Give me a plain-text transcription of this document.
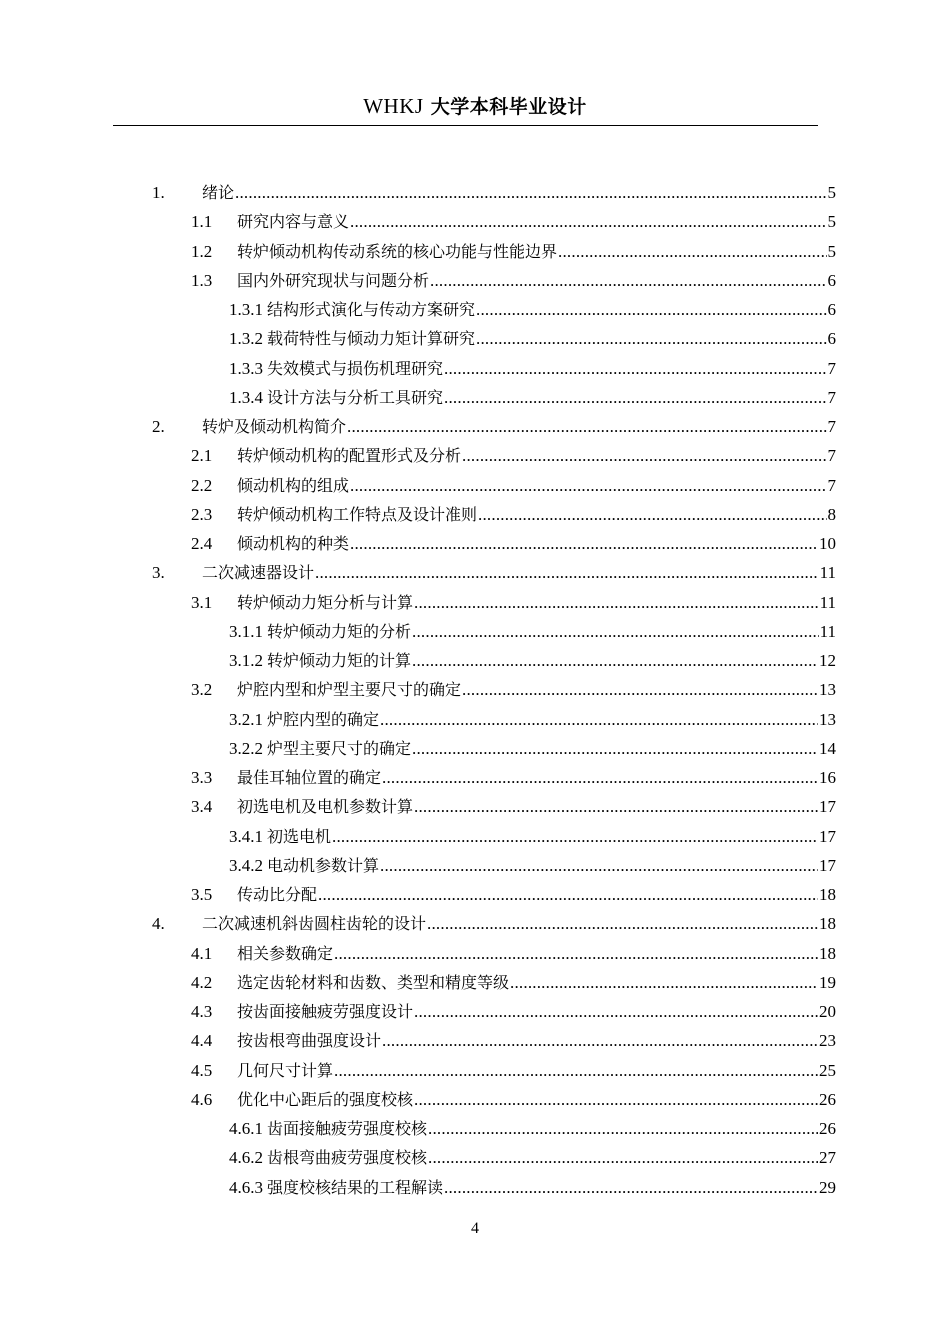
WHKJ 大学本科毕业设计
1.	绪论 .....	5
1.1	研究内容与意义 .....	5
1.2	转炉倾动机构传动系统的核心功能与性能边界 .....	5
1.3	国内外研究现状与问题分析 .....	6
1.3.1 结构形式演化与传动方案研究 .....	6
1.3.2 载荷特性与倾动力矩计算研究 .....	6
1.3.3 失效模式与损伤机理研究 .....	7
1.3.4 设计方法与分析工具研究 .....	7
2.	转炉及倾动机构简介 .....	7
2.1	转炉倾动机构的配置形式及分析 .....	7
2.2	倾动机构的组成 .....	7
2.3	转炉倾动机构工作特点及设计准则 .....	8
2.4	倾动机构的种类 .....	10
3.	二次减速器设计 .....	11
3.1	转炉倾动力矩分析与计算 .....	11
3.1.1 转炉倾动力矩的分析 .....	11
3.1.2 转炉倾动力矩的计算 .....	12
3.2	炉腔内型和炉型主要尺寸的确定 .....	13
3.2.1 炉腔内型的确定 .....	13
3.2.2 炉型主要尺寸的确定 .....	14
3.3	最佳耳轴位置的确定 .....	16
3.4	初选电机及电机参数计算 .....	17
3.4.1 初选电机 .....	17
3.4.2 电动机参数计算 .....	17
3.5	传动比分配 .....	18
4.	二次减速机斜齿圆柱齿轮的设计 .....	18
4.1	相关参数确定 .....	18
4.2	选定齿轮材料和齿数、类型和精度等级 .....	19
4.3	按齿面接触疲劳强度设计 .....	20
4.4	按齿根弯曲强度设计 .....	23
4.5	几何尺寸计算 .....	25
4.6	优化中心距后的强度校核 .....	26
4.6.1 齿面接触疲劳强度校核 .....	26
4.6.2 齿根弯曲疲劳强度校核 .....	27
4.6.3 强度校核结果的工程解读 .....	29
4
